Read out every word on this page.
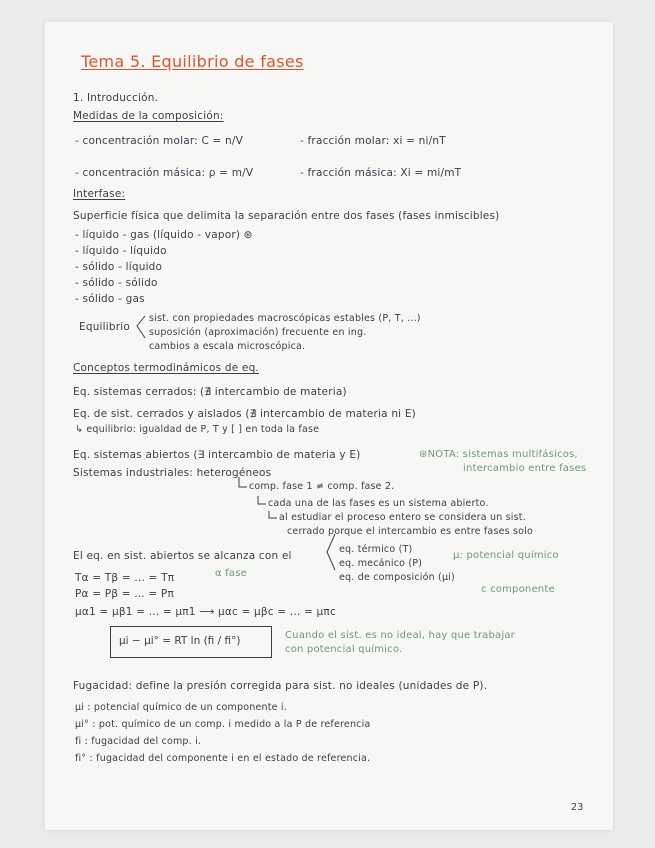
Tema 5. Equilibrio de fases
1. Introducción.
Medidas de la composición:
- concentración molar: C = n/V	- fracción molar: xi = ni/nT
- concentración másica: ρ = m/V	- fracción másica: Xi = mi/mT
Interfase:
Superficie física que delimita la separación entre dos fases (fases inmiscibles)
- líquido - gas (líquido - vapor) ⊛
- líquido - líquido
- sólido - líquido
- sólido - sólido
- sólido - gas
Equilibrio
sist. con propiedades macroscópicas estables (P, T, ...)
suposición (aproximación) frecuente en ing.
cambios a escala microscópica.
Conceptos termodinámicos de eq.
Eq. sistemas cerrados: (∄ intercambio de materia)
Eq. de sist. cerrados y aislados (∄ intercambio de materia ni E)
↳ equilibrio: igualdad de P, T y [ ] en toda la fase
Eq. sistemas abiertos (∃ intercambio de materia y E)	⊛NOTA: sistemas multifásicos,
intercambio entre fases
Sistemas industriales: heterogéneos
comp. fase 1 ≠ comp. fase 2.
cada una de las fases es un sistema abierto.
al estudiar el proceso entero se considera un sist.
cerrado porque el intercambio es entre fases solo
El eq. en sist. abiertos se alcanza con el
eq. térmico (T)
eq. mecánico (P)
eq. de composición (μi)
μ: potencial químico
α fase
c componente
Tα = Tβ = ... = Tπ
Pα = Pβ = ... = Pπ
μα1 = μβ1 = ... = μπ1 ⟶ μαc = μβc = ... = μπc
μi − μi° = RT ln (fi / fi°)	Cuando el sist. es no ideal, hay que trabajar
con potencial químico.
Fugacidad: define la presión corregida para sist. no ideales (unidades de P).
μi : potencial químico de un componente i.
μi° : pot. químico de un comp. i medido a la P de referencia
fi : fugacidad del comp. i.
fi° : fugacidad del componente i en el estado de referencia.
23
